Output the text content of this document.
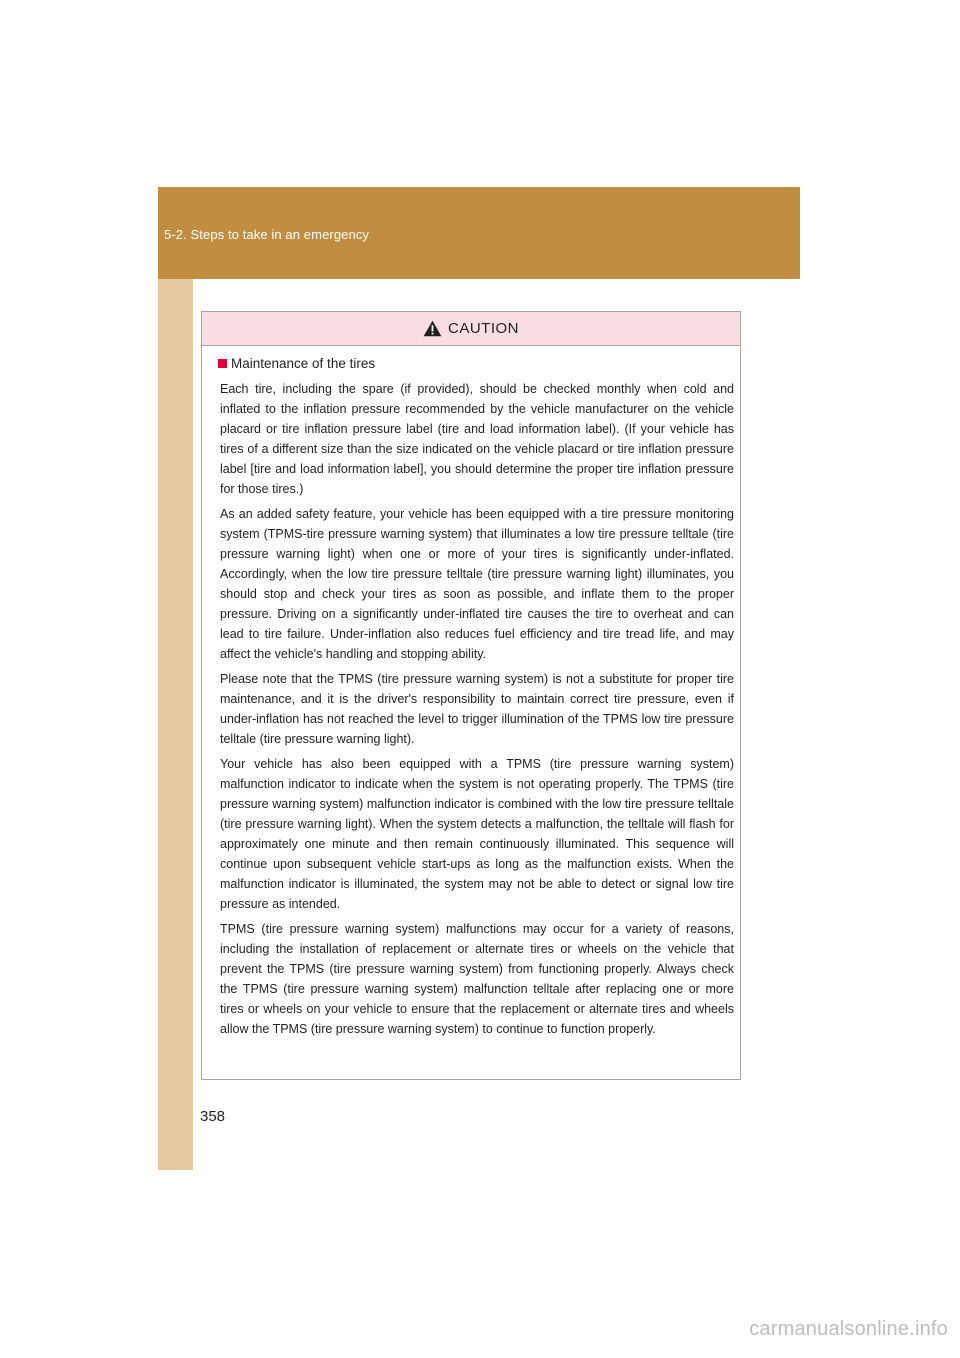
5-2. Steps to take in an emergency
CAUTION
Maintenance of the tires

Each tire, including the spare (if provided), should be checked monthly when cold and inflated to the inflation pressure recommended by the vehicle manufacturer on the vehicle placard or tire inflation pressure label (tire and load information label). (If your vehicle has tires of a different size than the size indicated on the vehicle placard or tire inflation pressure label [tire and load information label], you should determine the proper tire inflation pressure for those tires.)

As an added safety feature, your vehicle has been equipped with a tire pressure monitoring system (TPMS-tire pressure warning system) that illuminates a low tire pressure telltale (tire pressure warning light) when one or more of your tires is significantly under-inflated. Accordingly, when the low tire pressure telltale (tire pressure warning light) illuminates, you should stop and check your tires as soon as possible, and inflate them to the proper pressure. Driving on a significantly under-inflated tire causes the tire to overheat and can lead to tire failure. Under-inflation also reduces fuel efficiency and tire tread life, and may affect the vehicle's handling and stopping ability.

Please note that the TPMS (tire pressure warning system) is not a substitute for proper tire maintenance, and it is the driver's responsibility to maintain correct tire pressure, even if under-inflation has not reached the level to trigger illumination of the TPMS low tire pressure telltale (tire pressure warning light).

Your vehicle has also been equipped with a TPMS (tire pressure warning system) malfunction indicator to indicate when the system is not operating properly. The TPMS (tire pressure warning system) malfunction indicator is combined with the low tire pressure telltale (tire pressure warning light). When the system detects a malfunction, the telltale will flash for approximately one minute and then remain continuously illuminated. This sequence will continue upon subsequent vehicle start-ups as long as the malfunction exists. When the malfunction indicator is illuminated, the system may not be able to detect or signal low tire pressure as intended.

TPMS (tire pressure warning system) malfunctions may occur for a variety of reasons, including the installation of replacement or alternate tires or wheels on the vehicle that prevent the TPMS (tire pressure warning system) from functioning properly. Always check the TPMS (tire pressure warning system) malfunction telltale after replacing one or more tires or wheels on your vehicle to ensure that the replacement or alternate tires and wheels allow the TPMS (tire pressure warning system) to continue to function properly.

358
carmanualsonline.info
